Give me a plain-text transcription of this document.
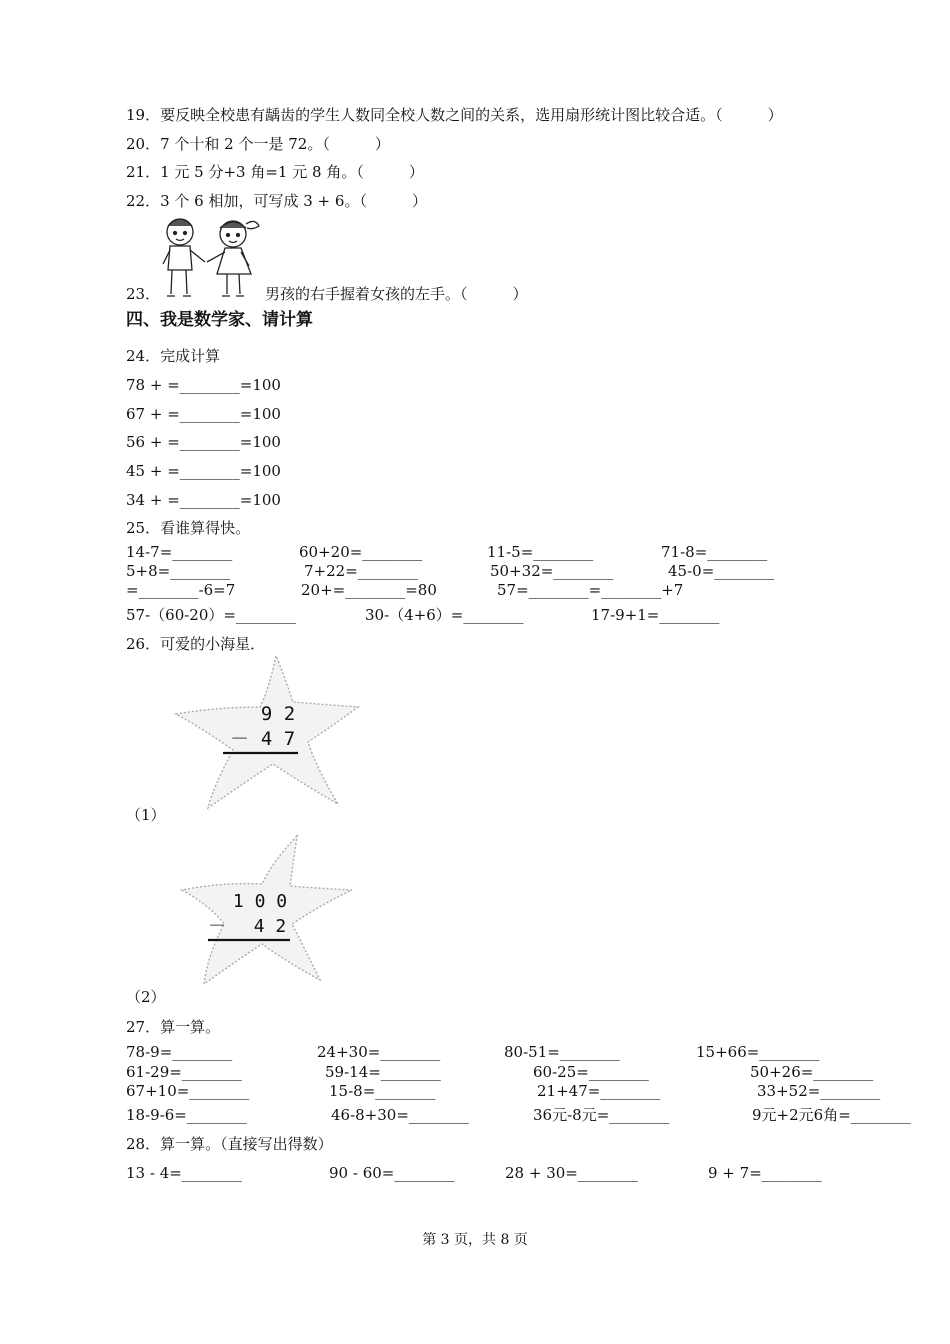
19．要反映全校患有龋齿的学生人数同全校人数之间的关系，选用扇形统计图比较合适。（　　　）
20．7 个十和 2 个一是 72。（　　　）
21．1 元 5 分+3 角=1 元 8 角。（　　　）
22．3 个 6 相加，可写成 3 + 6。（　　　）
23．	男孩的右手握着女孩的左手。（　　　）
四、我是数学家、请计算
24．完成计算
78 + =________=100
67 + =________=100
56 + =________=100
45 + =________=100
34 + =________=100
25．看谁算得快。
14-7=________	60+20=________	11-5=________	71-8=________
5+8=________	7+22=________	50+32=________	45-0=________
=________-6=7	20+=________=80	57=________=________+7
57-（60-20）=________	30-（4+6）=________	17-9+1=________
26．可爱的小海星．
9 2
－ 4 7
（1）
1 0 0
－ 4 2
（2）
27．算一算。
78-9=________	24+30=________	80-51=________	15+66=________
61-29=________	59-14=________	60-25=________	50+26=________
67+10=________	15-8=________	21+47=________	33+52=________
18-9-6=________	46-8+30=________	36元-8元=________	9元+2元6角=________
28．算一算。（直接写出得数）
13 - 4=________	90 - 60=________	28 + 30=________	9 + 7=________
第 3 页，共 8 页
